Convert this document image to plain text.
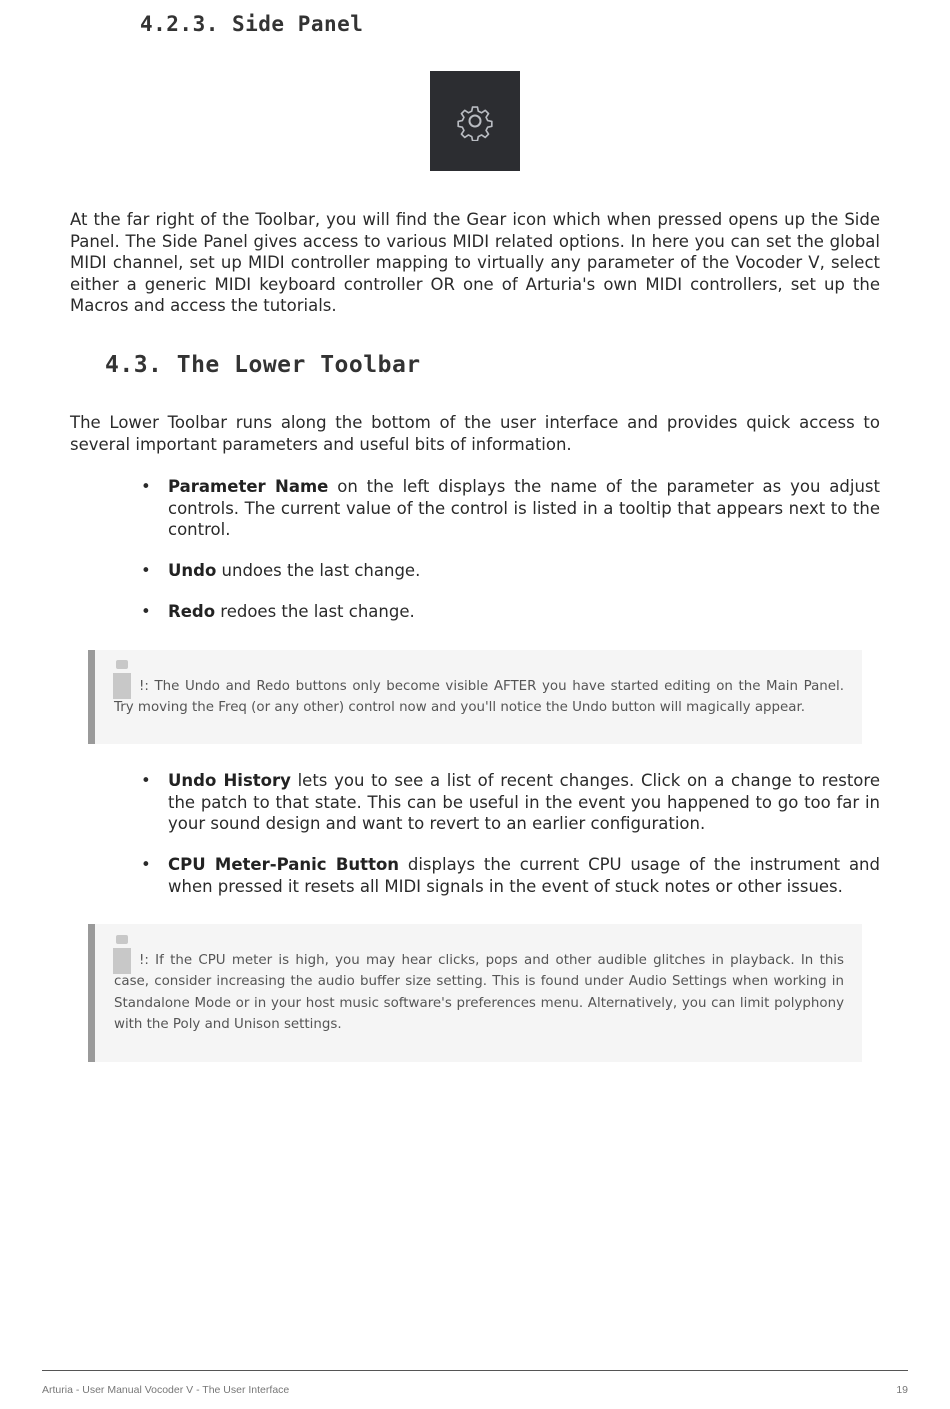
4.2.3. Side Panel

At the far right of the Toolbar, you will find the Gear icon which when pressed opens up the Side Panel. The Side Panel gives access to various MIDI related options. In here you can set the global MIDI channel, set up MIDI controller mapping to virtually any parameter of the Vocoder V, select either a generic MIDI keyboard controller OR one of Arturia's own MIDI controllers, set up the Macros and access the tutorials.

4.3. The Lower Toolbar

The Lower Toolbar runs along the bottom of the user interface and provides quick access to several important parameters and useful bits of information.

• Parameter Name on the left displays the name of the parameter as you adjust controls. The current value of the control is listed in a tooltip that appears next to the control.

• Undo undoes the last change.

• Redo redoes the last change.

!: The Undo and Redo buttons only become visible AFTER you have started editing on the Main Panel. Try moving the Freq (or any other) control now and you'll notice the Undo button will magically appear.

• Undo History lets you to see a list of recent changes. Click on a change to restore the patch to that state. This can be useful in the event you happened to go too far in your sound design and want to revert to an earlier configuration.

• CPU Meter-Panic Button displays the current CPU usage of the instrument and when pressed it resets all MIDI signals in the event of stuck notes or other issues.

!: If the CPU meter is high, you may hear clicks, pops and other audible glitches in playback. In this case, consider increasing the audio buffer size setting. This is found under Audio Settings when working in Standalone Mode or in your host music software's preferences menu. Alternatively, you can limit polyphony with the Poly and Unison settings.

Arturia - User Manual Vocoder V - The User Interface	19
